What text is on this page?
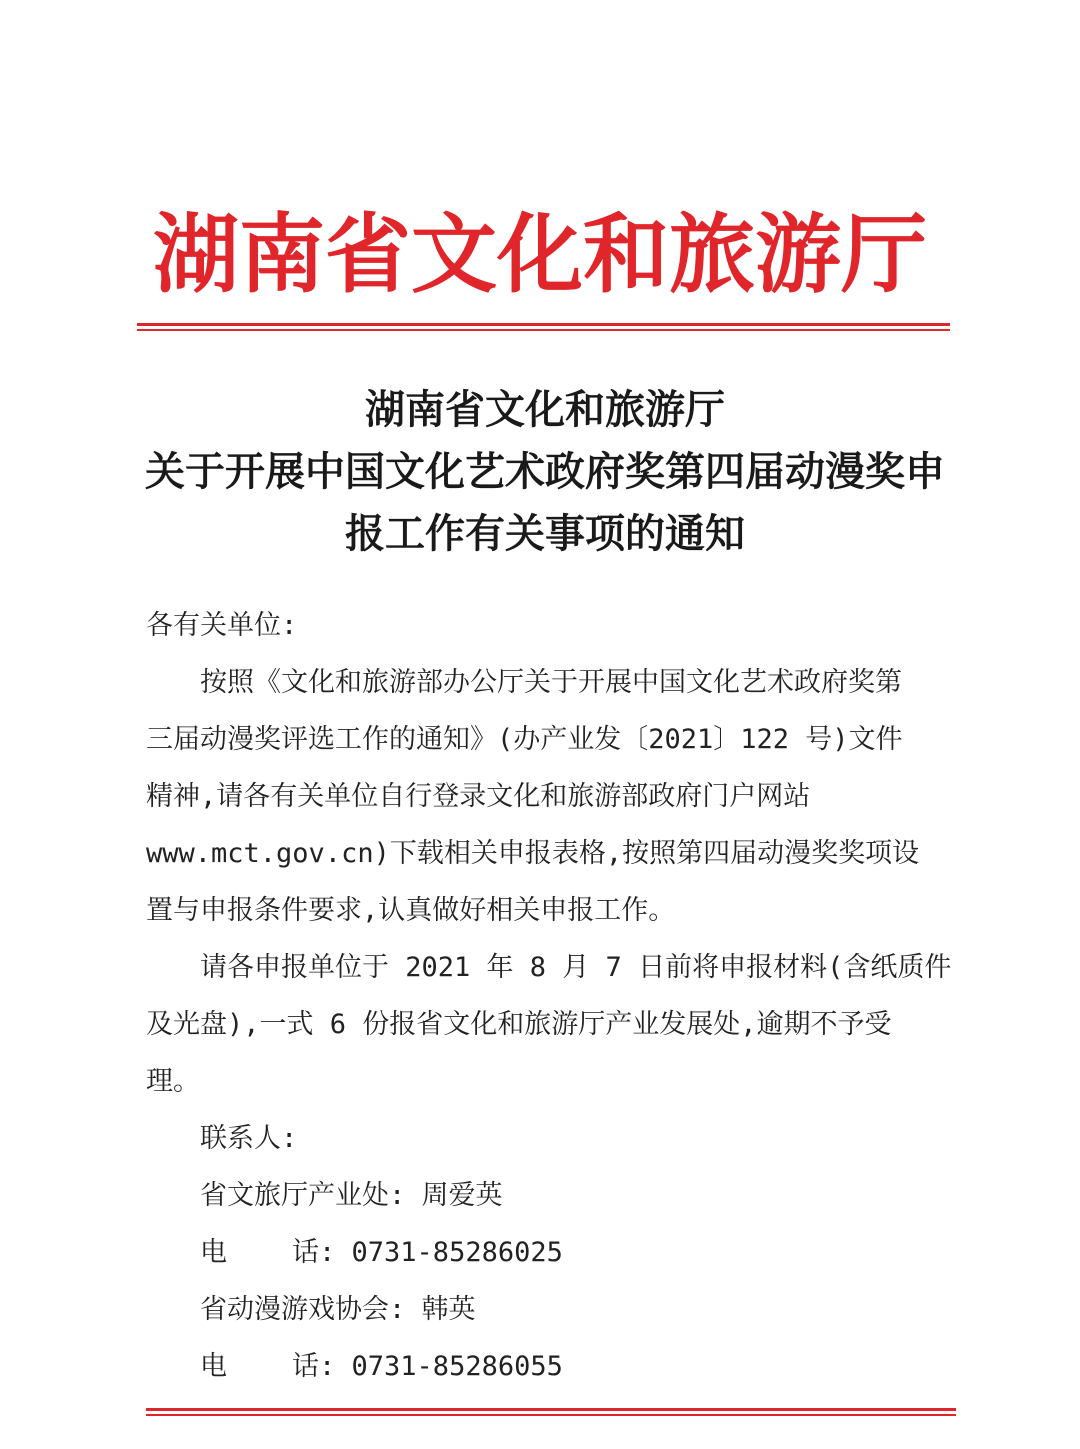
湖南省文化和旅游厅
湖南省文化和旅游厅
关于开展中国文化艺术政府奖第四届动漫奖申
报工作有关事项的通知
各有关单位:
按照《文化和旅游部办公厅关于开展中国文化艺术政府奖第
三届动漫奖评选工作的通知》(办产业发〔2021〕122 号)文件
精神,请各有关单位自行登录文化和旅游部政府门户网站
www.mct.gov.cn)下载相关申报表格,按照第四届动漫奖奖项设
置与申报条件要求,认真做好相关申报工作。
请各申报单位于 2021 年 8 月 7 日前将申报材料(含纸质件
及光盘),一式 6 份报省文化和旅游厅产业发展处,逾期不予受
理。
联系人:
省文旅厅产业处: 周爱英
电    话: 0731-85286025
省动漫游戏协会: 韩英
电    话: 0731-85286055
